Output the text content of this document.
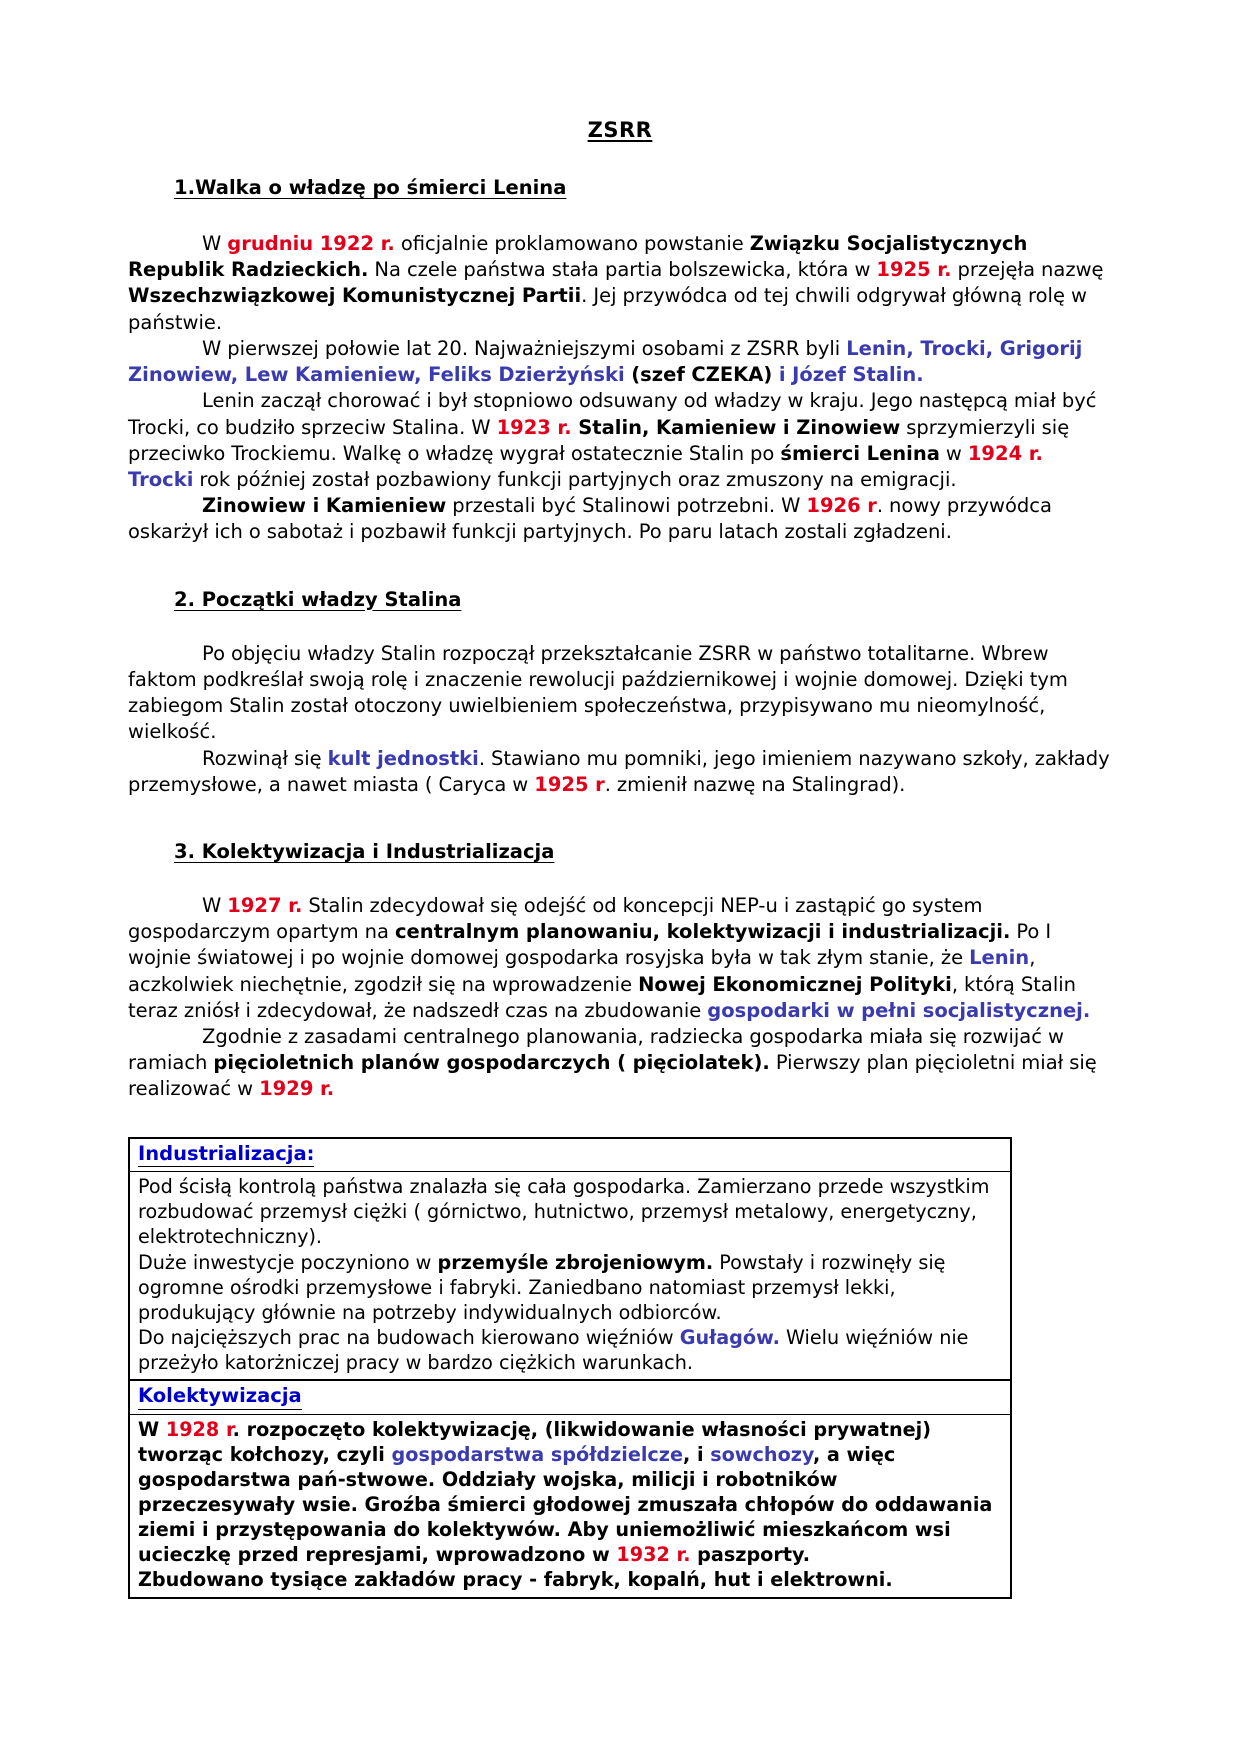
ZSRR
1.Walka o władzę po śmierci Lenina

W grudniu 1922 r. oficjalnie proklamowano powstanie Związku Socjalistycznych Republik Radzieckich. Na czele państwa stała partia bolszewicka, która w 1925 r. przejęła nazwę Wszechzwiązkowej Komunistycznej Partii. Jej przywódca od tej chwili odgrywał główną rolę w państwie.

W pierwszej połowie lat 20. Najważniejszymi osobami z ZSRR byli Lenin, Trocki, Grigorij Zinowiew, Lew Kamieniew, Feliks Dzierżyński (szef CZEKA) i Józef Stalin.

Lenin zaczął chorować i był stopniowo odsuwany od władzy w kraju. Jego następcą miał być Trocki, co budziło sprzeciw Stalina. W 1923 r. Stalin, Kamieniew i Zinowiew sprzymierzyli się przeciwko Trockiemu. Walkę o władzę wygrał ostatecznie Stalin po śmierci Lenina w 1924 r. Trocki rok później został pozbawiony funkcji partyjnych oraz zmuszony na emigracji.

Zinowiew i Kamieniew przestali być Stalinowi potrzebni. W 1926 r. nowy przywódca oskarżył ich o sabotaż i pozbawił funkcji partyjnych. Po paru latach zostali zgładzeni.

2. Początki władzy Stalina

Po objęciu władzy Stalin rozpoczął przekształcanie ZSRR w państwo totalitarne. Wbrew faktom podkreślał swoją rolę i znaczenie rewolucji październikowej i wojnie domowej. Dzięki tym zabiegom Stalin został otoczony uwielbieniem społeczeństwa, przypisywano mu nieomylność, wielkość.

Rozwinął się kult jednostki. Stawiano mu pomniki, jego imieniem nazywano szkoły, zakłady przemysłowe, a nawet miasta ( Caryca w 1925 r. zmienił nazwę na Stalingrad).

3. Kolektywizacja i Industrializacja

W 1927 r. Stalin zdecydował się odejść od koncepcji NEP-u i zastąpić go system gospodarczym opartym na centralnym planowaniu, kolektywizacji i industrializacji. Po I wojnie światowej i po wojnie domowej gospodarka rosyjska była w tak złym stanie, że Lenin, aczkolwiek niechętnie, zgodził się na wprowadzenie Nowej Ekonomicznej Polityki, którą Stalin teraz zniósł i zdecydował, że nadszedł czas na zbudowanie gospodarki w pełni socjalistycznej.

Zgodnie z zasadami centralnego planowania, radziecka gospodarka miała się rozwijać w ramiach pięcioletnich planów gospodarczych ( pięciolatek). Pierwszy plan pięcioletni miał się realizować w 1929 r.

Industrializacja:
Pod ścisłą kontrolą państwa znalazła się cała gospodarka. Zamierzano przede wszystkim rozbudować przemysł ciężki ( górnictwo, hutnictwo, przemysł metalowy, energetyczny, elektrotechniczny).
Duże inwestycje poczyniono w przemyśle zbrojeniowym. Powstały i rozwinęły się ogromne ośrodki przemysłowe i fabryki. Zaniedbano natomiast przemysł lekki, produkujący głównie na potrzeby indywidualnych odbiorców.
Do najcięższych prac na budowach kierowano więźniów Gułagów. Wielu więźniów nie przeżyło katorżniczej pracy w bardzo ciężkich warunkach.
Kolektywizacja
W 1928 r. rozpoczęto kolektywizację, (likwidowanie własności prywatnej) tworząc kołchozy, czyli gospodarstwa spółdzielcze, i sowchozy, a więc gospodarstwa pań-stwowe. Oddziały wojska, milicji i robotników przeczesywały wsie. Groźba śmierci głodowej zmuszała chłopów do oddawania ziemi i przystępowania do kolektywów. Aby uniemożliwić mieszkańcom wsi ucieczkę przed represjami, wprowadzono w 1932 r. paszporty.
Zbudowano tysiące zakładów pracy - fabryk, kopalń, hut i elektrowni.
